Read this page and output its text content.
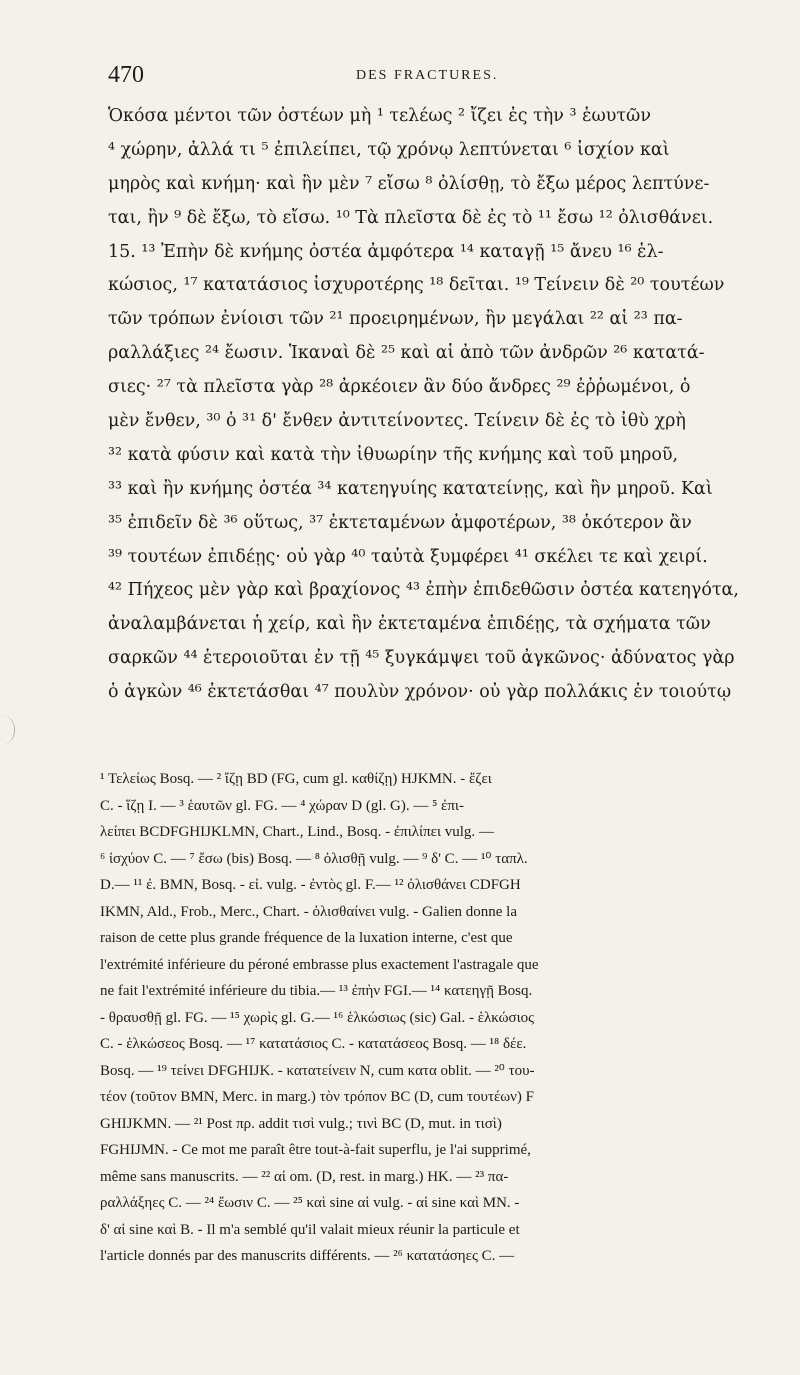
470	DES FRACTURES.
Ὁκόσα μέντοι τῶν ὀστέων μὴ ¹ τελέως ² ἴζει ἐς τὴν ³ ἑωυτῶν
⁴ χώρην, ἀλλά τι ⁵ ἐπιλείπει, τῷ χρόνῳ λεπτύνεται ⁶ ἰσχίον καὶ
μηρὸς καὶ κνήμη· καὶ ἢν μὲν ⁷ εἴσω ⁸ ὀλίσθῃ, τὸ ἔξω μέρος λεπτύνε-
ται, ἢν ⁹ δὲ ἔξω, τὸ εἴσω. ¹⁰ Τὰ πλεῖστα δὲ ἐς τὸ ¹¹ ἔσω ¹² ὀλισθάνει.
15. ¹³ Ἐπὴν δὲ κνήμης ὀστέα ἀμφότερα ¹⁴ καταγῇ ¹⁵ ἄνευ ¹⁶ ἑλ-
κώσιος, ¹⁷ κατατάσιος ἰσχυροτέρης ¹⁸ δεῖται. ¹⁹ Τείνειν δὲ ²⁰ τουτέων
τῶν τρόπων ἐνίοισι τῶν ²¹ προειρημένων, ἢν μεγάλαι ²² αἱ ²³ πα-
ραλλάξιες ²⁴ ἔωσιν. Ἱκαναὶ δὲ ²⁵ καὶ αἱ ἀπὸ τῶν ἀνδρῶν ²⁶ κατατά-
σιες· ²⁷ τὰ πλεῖστα γὰρ ²⁸ ἀρκέοιεν ἂν δύο ἄνδρες ²⁹ ἐῤῥωμένοι, ὁ
μὲν ἔνθεν, ³⁰ ὁ ³¹ δ' ἔνθεν ἀντιτείνοντες. Τείνειν δὲ ἐς τὸ ἰθὺ χρὴ
³² κατὰ φύσιν καὶ κατὰ τὴν ἰθυωρίην τῆς κνήμης καὶ τοῦ μηροῦ,
³³ καὶ ἢν κνήμης ὀστέα ³⁴ κατεηγυίης κατατείνῃς, καὶ ἢν μηροῦ. Καὶ
³⁵ ἐπιδεῖν δὲ ³⁶ οὕτως, ³⁷ ἐκτεταμένων ἀμφοτέρων, ³⁸ ὁκότερον ἂν
³⁹ τουτέων ἐπιδέῃς· οὐ γὰρ ⁴⁰ ταὐτὰ ξυμφέρει ⁴¹ σκέλει τε καὶ χειρί.
⁴² Πήχεος μὲν γὰρ καὶ βραχίονος ⁴³ ἐπὴν ἐπιδεθῶσιν ὀστέα κατεηγότα,
ἀναλαμβάνεται ἡ χείρ, καὶ ἢν ἐκτεταμένα ἐπιδέῃς, τὰ σχήματα τῶν
σαρκῶν ⁴⁴ ἑτεροιοῦται ἐν τῇ ⁴⁵ ξυγκάμψει τοῦ ἀγκῶνος· ἀδύνατος γὰρ
ὁ ἀγκὼν ⁴⁶ ἐκτετάσθαι ⁴⁷ πουλὺν χρόνον· οὐ γὰρ πολλάκις ἐν τοιούτῳ
¹ Τελείως Bosq. — ² ἴζῃ BD (FG, cum gl. καθίζῃ) HJKMN. - ἕζει
C. - ἵζῃ I. — ³ ἑαυτῶν gl. FG. — ⁴ χώραν D (gl. G). — ⁵ ἐπι-
λείπει BCDFGHIJKLMN, Chart., Lind., Bosq. - ἐπιλίπει vulg. —
⁶ ἰσχύον C. — ⁷ ἔσω (bis) Bosq. — ⁸ ὀλισθῇ vulg. — ⁹ δ' C. — ¹⁰ ταπλ.
D.— ¹¹ ἐ. BMN, Bosq. - εἰ. vulg. - ἐντὸς gl. F.— ¹² ὀλισθάνει CDFGH
IKMN, Ald., Frob., Merc., Chart. - ὀλισθαίνει vulg. - Galien donne la
raison de cette plus grande fréquence de la luxation interne, c'est que
l'extrémité inférieure du péroné embrasse plus exactement l'astragale que
ne fait l'extrémité inférieure du tibia.— ¹³ ἐπὴν FGI.— ¹⁴ κατεηγῇ Bosq.
- θραυσθῇ gl. FG. — ¹⁵ χωρὶς gl. G.— ¹⁶ ἑλκώσιως (sic) Gal. - ἑλκώσιος
C. - ἑλκώσεος Bosq. — ¹⁷ κατατάσιος C. - κατατάσεος Bosq. — ¹⁸ δέε.
Bosq. — ¹⁹ τείνει DFGHIJK. - κατατείνειν N, cum κατα oblit. — ²⁰ του-
τέον (τοῦτον BMN, Merc. in marg.) τὸν τρόπον BC (D, cum τουτέων) F
GHIJKMN. — ²¹ Post πρ. addit τισὶ vulg.; τινὶ BC (D, mut. in τισὶ)
FGHIJMN. - Ce mot me paraît être tout-à-fait superflu, je l'ai supprimé,
même sans manuscrits. — ²² αἱ om. (D, rest. in marg.) HK. — ²³ πα-
ραλλάξηες C. — ²⁴ ἔωσιν C. — ²⁵ καὶ sine αἱ vulg. - αἱ sine καὶ MN. -
δ' αἱ sine καὶ B. - Il m'a semblé qu'il valait mieux réunir la particule et
l'article donnés par des manuscrits différents. — ²⁶ κατατάσηες C. —
